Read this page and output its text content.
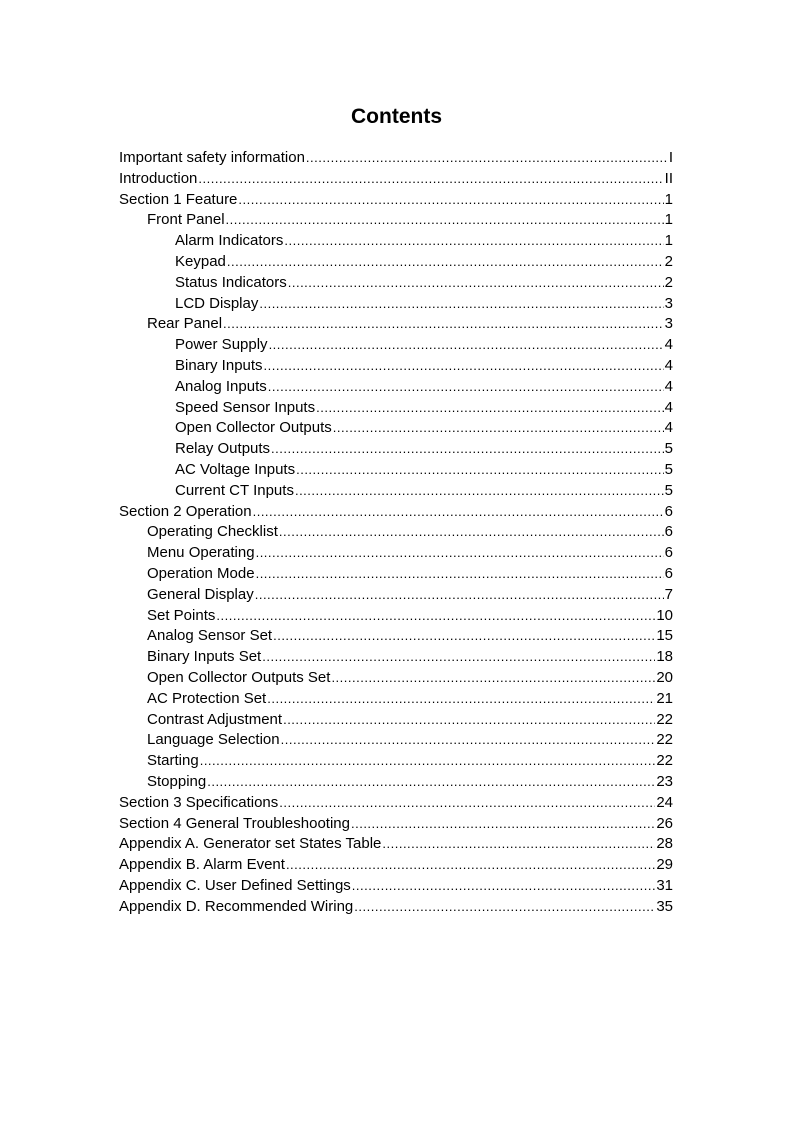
Contents
Important safety information .....	I
Introduction .....	II
Section 1 Feature .....	1
Front Panel .....	1
Alarm Indicators .....	1
Keypad .....	2
Status Indicators .....	2
LCD Display .....	3
Rear Panel .....	3
Power Supply .....	4
Binary Inputs .....	4
Analog Inputs .....	4
Speed Sensor Inputs .....	4
Open Collector Outputs .....	4
Relay Outputs .....	5
AC Voltage Inputs .....	5
Current CT Inputs .....	5
Section 2 Operation .....	6
Operating Checklist .....	6
Menu Operating .....	6
Operation Mode .....	6
General Display .....	7
Set Points .....	10
Analog Sensor Set .....	15
Binary Inputs Set .....	18
Open Collector Outputs Set .....	20
AC Protection Set .....	21
Contrast Adjustment .....	22
Language Selection .....	22
Starting .....	22
Stopping .....	23
Section 3 Specifications .....	24
Section 4 General Troubleshooting .....	26
Appendix A. Generator set States Table .....	28
Appendix B. Alarm Event .....	29
Appendix C. User Defined Settings .....	31
Appendix D. Recommended Wiring .....	35
